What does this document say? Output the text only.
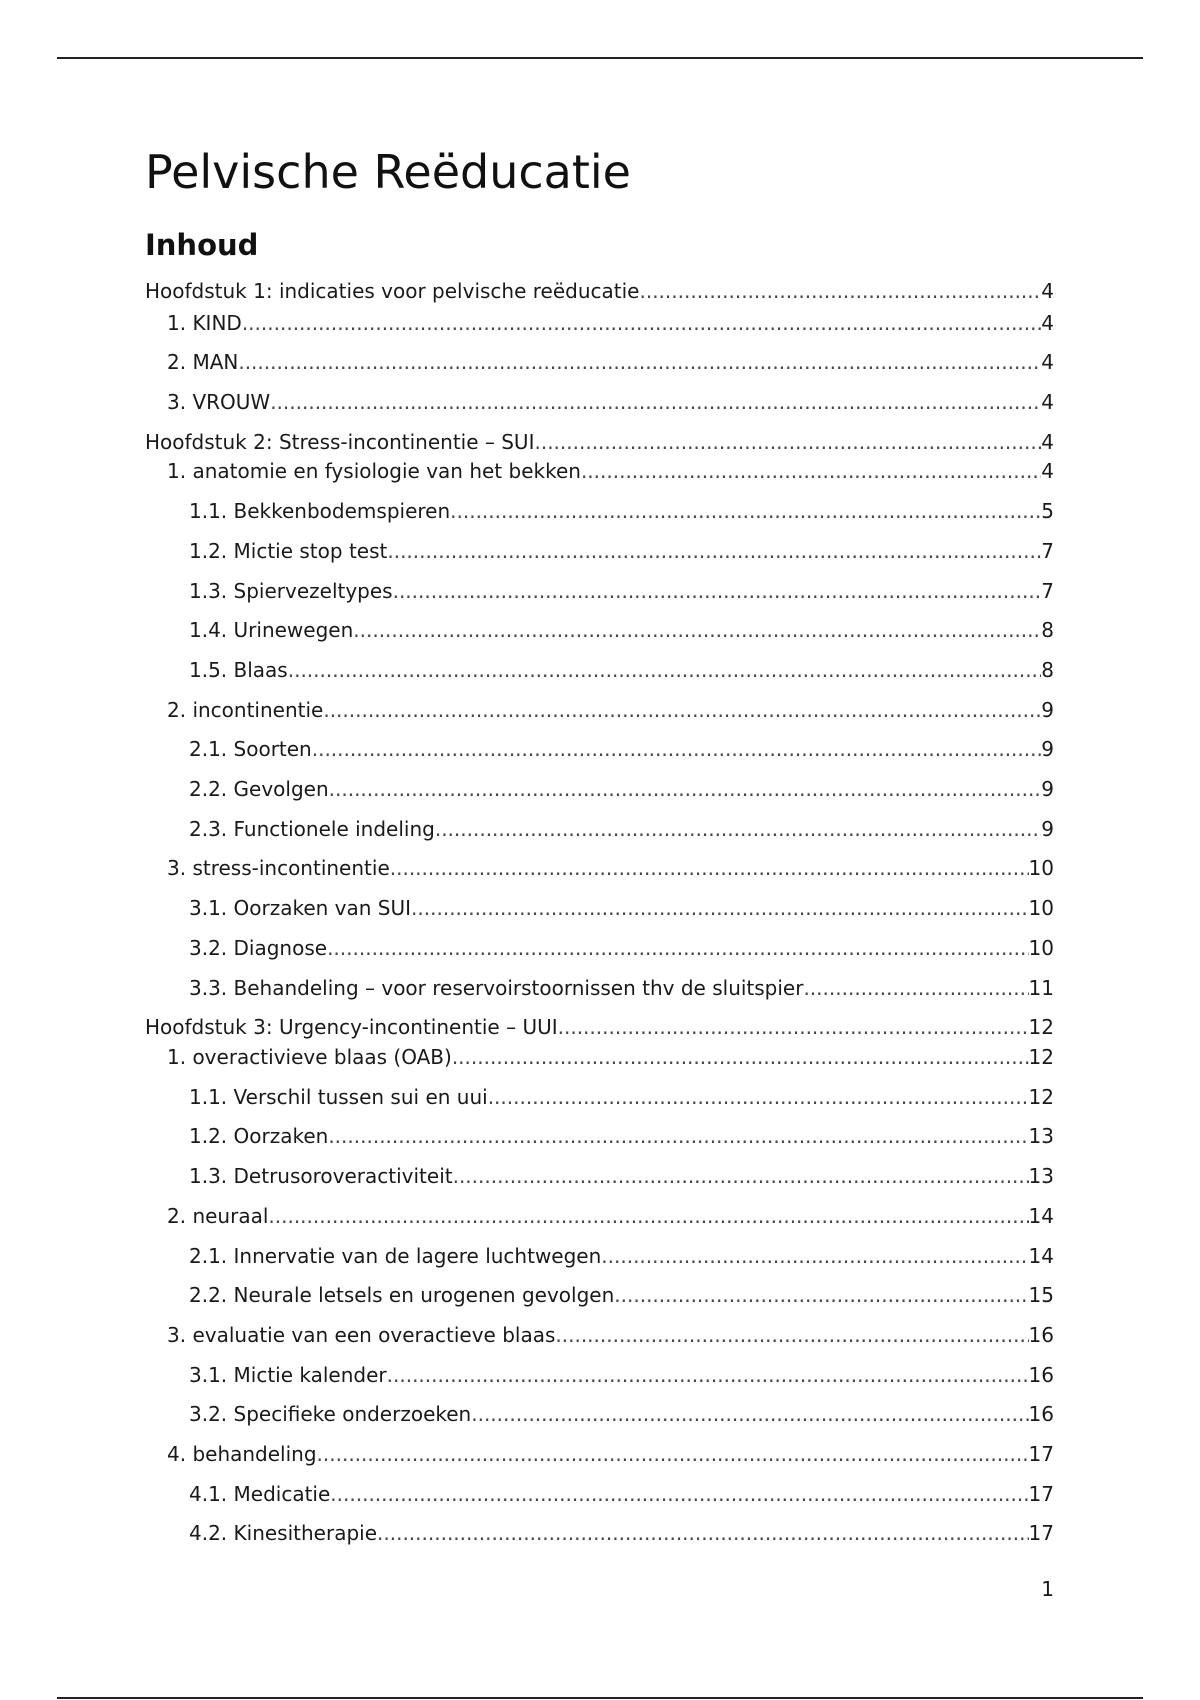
Pelvische Reëducatie
Inhoud
Hoofdstuk 1: indicaties voor pelvische reëducatie .....	4
1. KIND .....	4
2. MAN .....	4
3. VROUW .....	4
Hoofdstuk 2: Stress-incontinentie – SUI .....	4
1. anatomie en fysiologie van het bekken .....	4
1.1. Bekkenbodemspieren .....	5
1.2. Mictie stop test .....	7
1.3. Spiervezeltypes .....	7
1.4. Urinewegen .....	8
1.5. Blaas .....	8
2. incontinentie .....	9
2.1. Soorten .....	9
2.2. Gevolgen .....	9
2.3. Functionele indeling .....	9
3. stress-incontinentie .....	10
3.1. Oorzaken van SUI .....	10
3.2. Diagnose .....	10
3.3. Behandeling – voor reservoirstoornissen thv de sluitspier .....	11
Hoofdstuk 3: Urgency-incontinentie – UUI .....	12
1. overactivieve blaas (OAB) .....	12
1.1. Verschil tussen sui en uui .....	12
1.2. Oorzaken .....	13
1.3. Detrusoroveractiviteit .....	13
2. neuraal .....	14
2.1. Innervatie van de lagere luchtwegen .....	14
2.2. Neurale letsels en urogenen gevolgen .....	15
3. evaluatie van een overactieve blaas .....	16
3.1. Mictie kalender .....	16
3.2. Specifieke onderzoeken .....	16
4. behandeling .....	17
4.1. Medicatie .....	17
4.2. Kinesitherapie .....	17
1
